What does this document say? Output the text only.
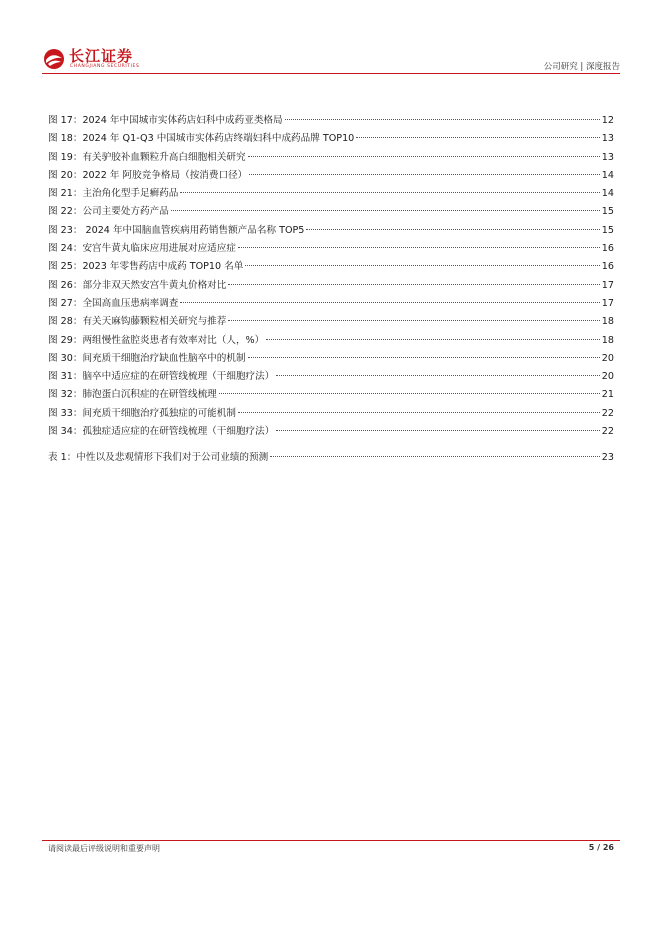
长江证券
CHANGJIANG SECURITIES	公司研究 | 深度报告
图 17：2024 年中国城市实体药店妇科中成药亚类格局	12
图 18：2024 年 Q1-Q3 中国城市实体药店终端妇科中成药品牌 TOP10	13
图 19：有关驴胶补血颗粒升高白细胞相关研究	13
图 20：2022 年 阿胶竞争格局（按消费口径）	14
图 21：主治角化型手足癣药品	14
图 22：公司主要处方药产品	15
图 23： 2024 年中国脑血管疾病用药销售额产品名称 TOP5	15
图 24：安宫牛黄丸临床应用进展对应适应症	16
图 25：2023 年零售药店中成药 TOP10 名单	16
图 26：部分非双天然安宫牛黄丸价格对比	17
图 27：全国高血压患病率调查	17
图 28：有关天麻钩藤颗粒相关研究与推荐	18
图 29：两组慢性盆腔炎患者有效率对比（人，%）	18
图 30：间充质干细胞治疗缺血性脑卒中的机制	20
图 31：脑卒中适应症的在研管线梳理（干细胞疗法）	20
图 32：肺泡蛋白沉积症的在研管线梳理	21
图 33：间充质干细胞治疗孤独症的可能机制	22
图 34：孤独症适应症的在研管线梳理（干细胞疗法）	22
表 1：中性以及悲观情形下我们对于公司业绩的预测	23
请阅读最后评级说明和重要声明	5 / 26
